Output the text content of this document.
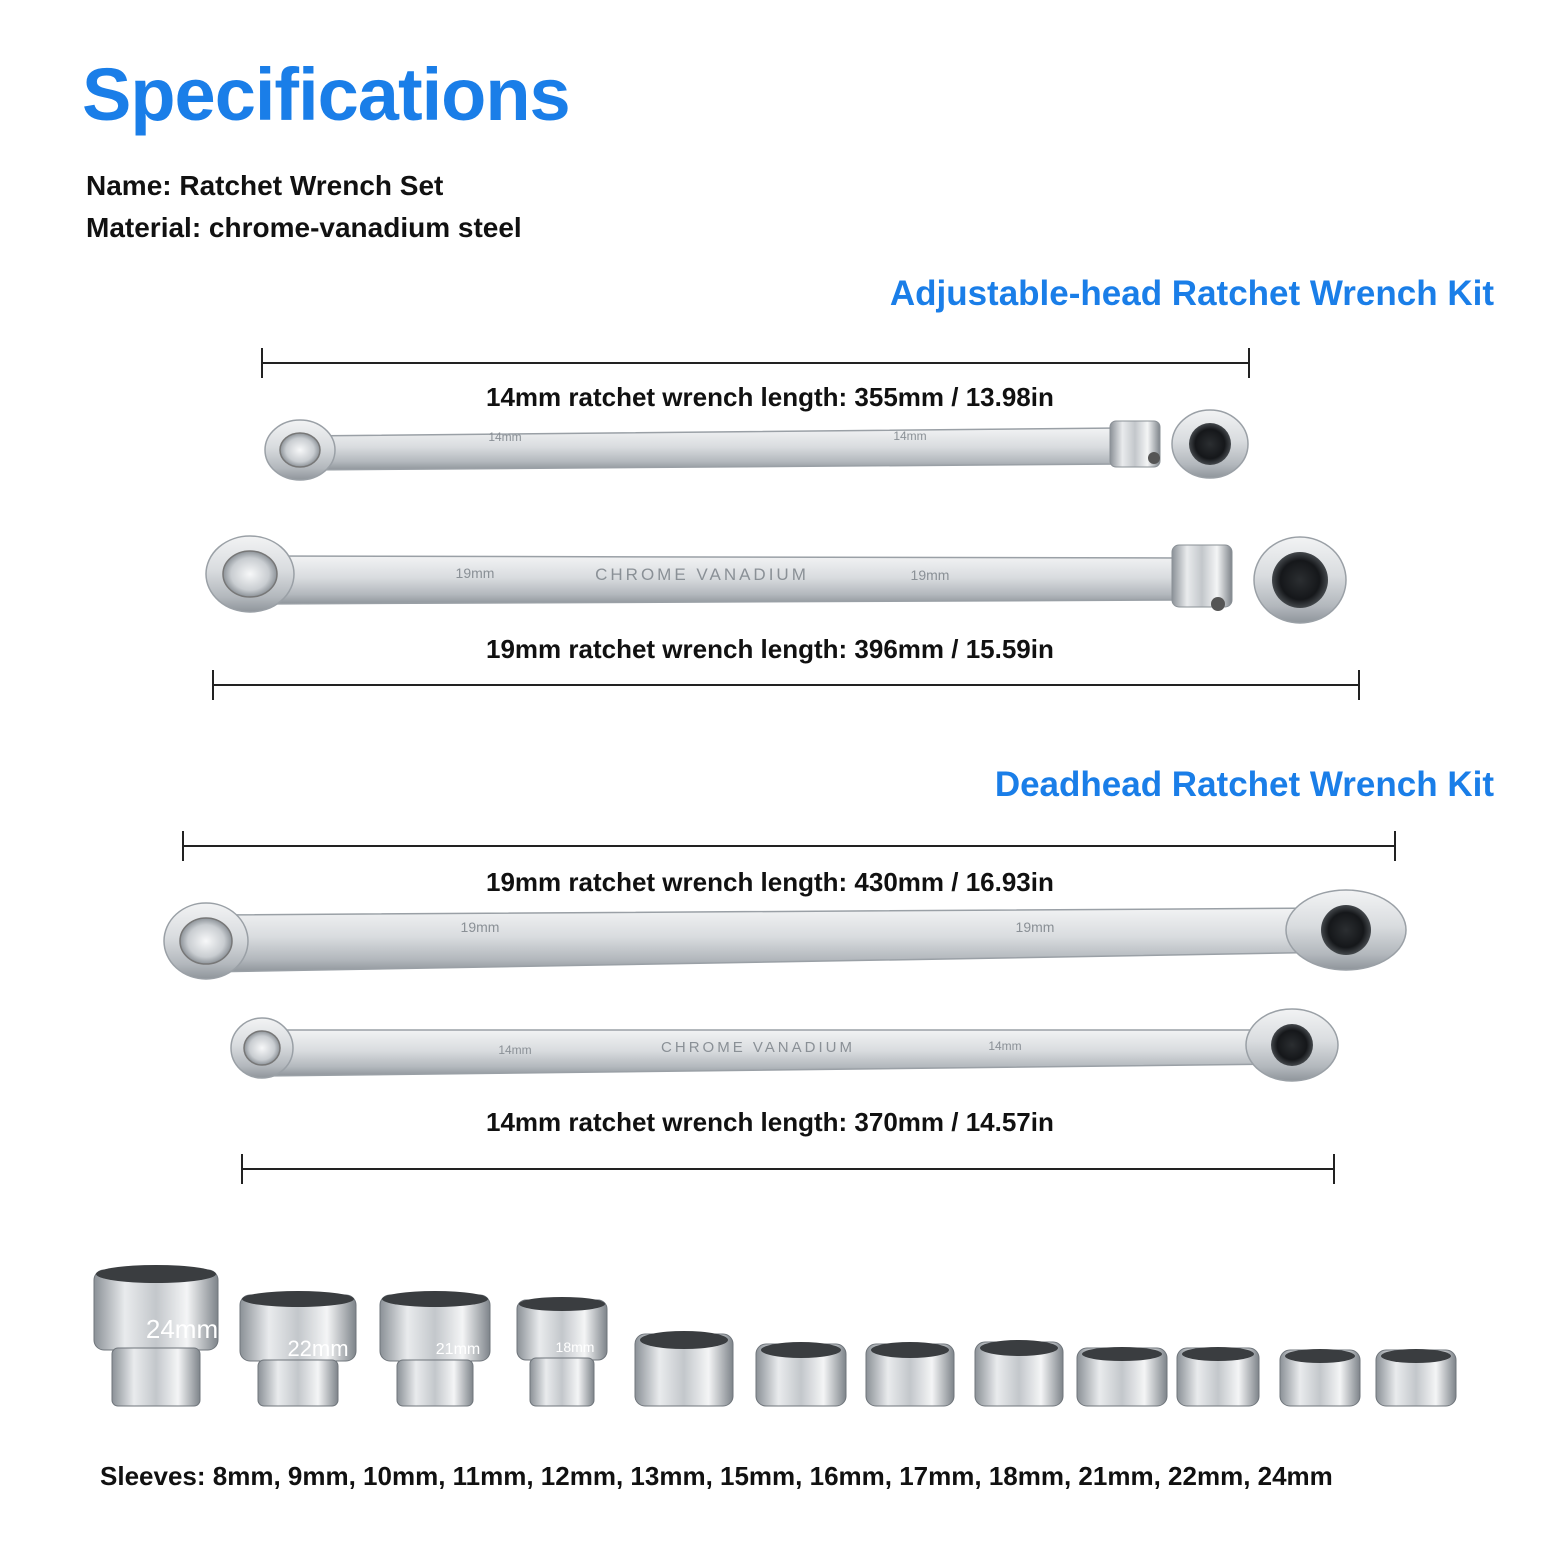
Specifications
Name: Ratchet Wrench Set
Material: chrome-vanadium steel
Adjustable-head Ratchet Wrench Kit
14mm ratchet wrench length: 355mm / 13.98in
19mm ratchet wrench length: 396mm / 15.59in
Deadhead Ratchet Wrench Kit
19mm ratchet wrench length: 430mm / 16.93in
14mm ratchet wrench length: 370mm / 14.57in
Sleeves: 8mm, 9mm, 10mm, 11mm, 12mm, 13mm, 15mm, 16mm, 17mm, 18mm, 21mm, 22mm, 24mm
14mm	14mm
19mm	CHROME VANADIUM	19mm
19mm	19mm
14mm	CHROME VANADIUM	14mm
24mm
22mm	21mm	18mm
